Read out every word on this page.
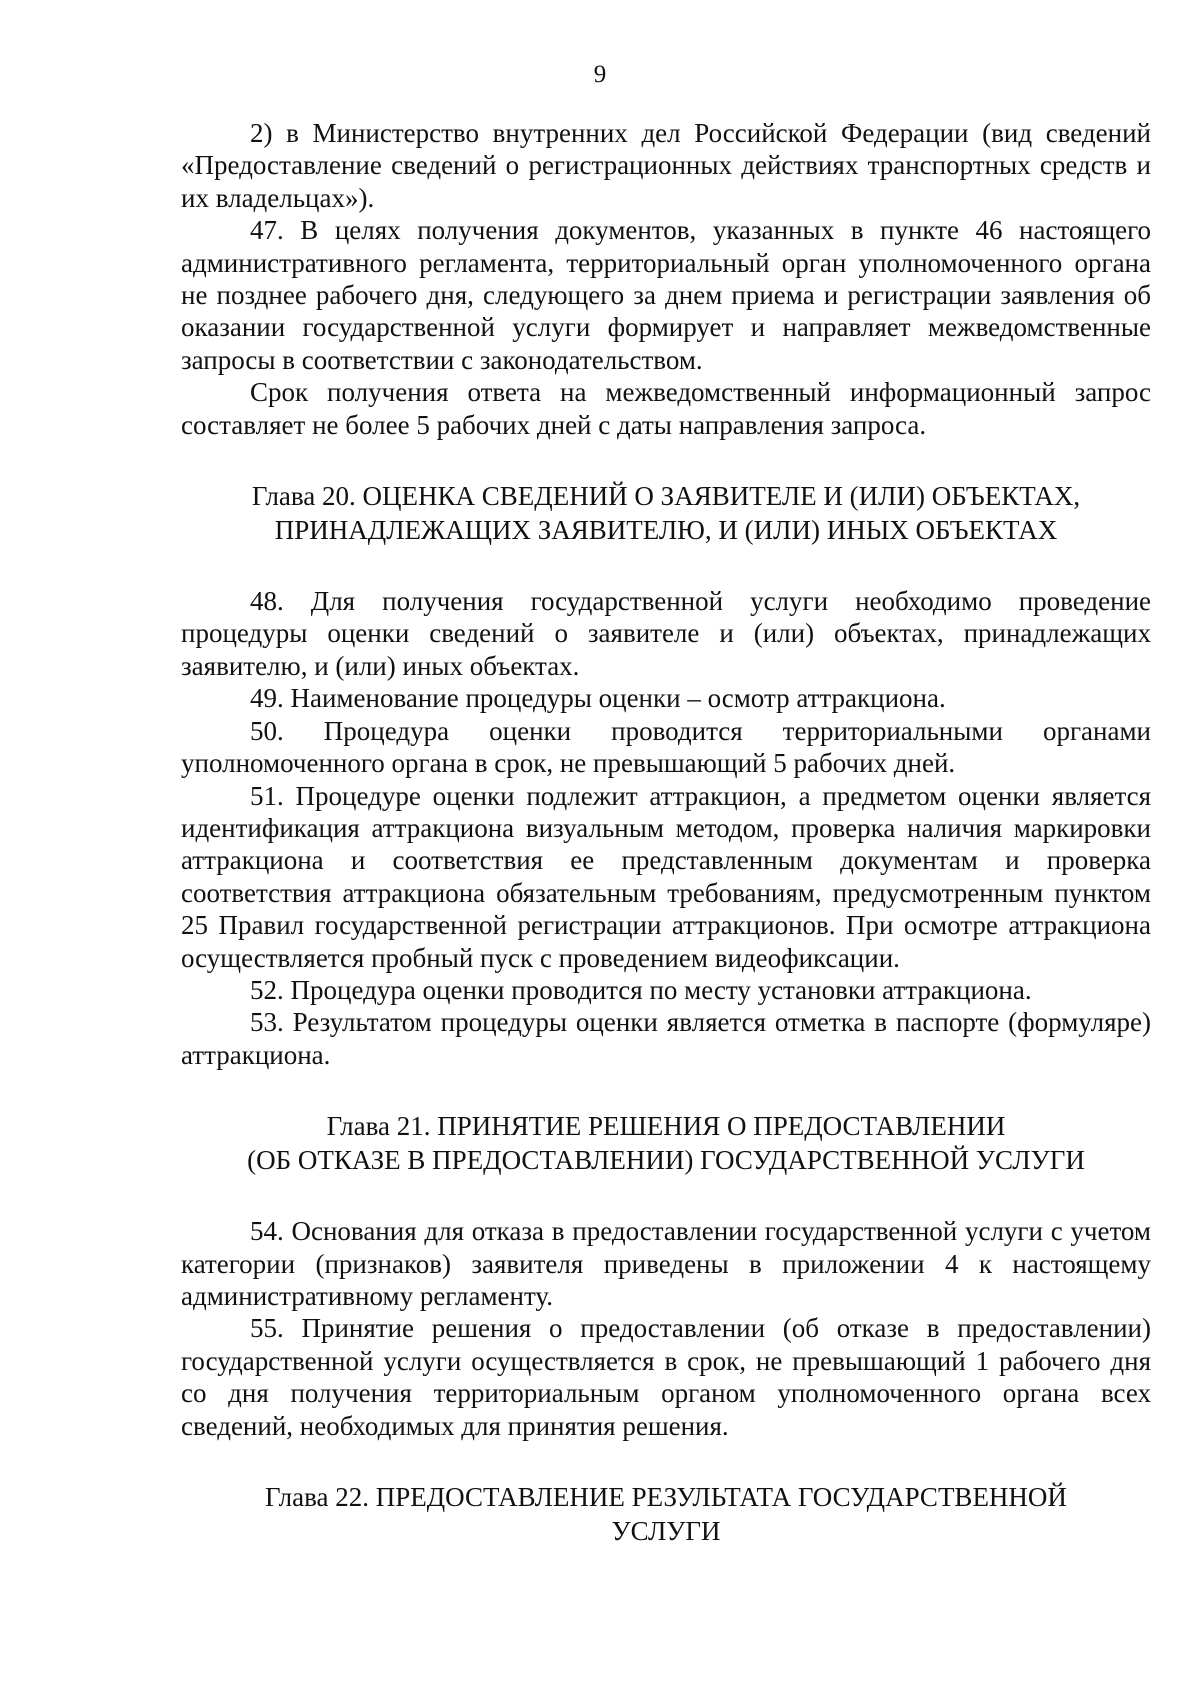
9

2) в Министерство внутренних дел Российской Федерации (вид сведений «Предоставление сведений о регистрационных действиях транспортных средств и их владельцах»).

47. В целях получения документов, указанных в пункте 46 настоящего административного регламента, территориальный орган уполномоченного органа не позднее рабочего дня, следующего за днем приема и регистрации заявления об оказании государственной услуги формирует и направляет межведомственные запросы в соответствии с законодательством.

Срок получения ответа на межведомственный информационный запрос составляет не более 5 рабочих дней с даты направления запроса.

Глава 20. ОЦЕНКА СВЕДЕНИЙ О ЗАЯВИТЕЛЕ И (ИЛИ) ОБЪЕКТАХ,
ПРИНАДЛЕЖАЩИХ ЗАЯВИТЕЛЮ, И (ИЛИ) ИНЫХ ОБЪЕКТАХ

48. Для получения государственной услуги необходимо проведение процедуры оценки сведений о заявителе и (или) объектах, принадлежащих заявителю, и (или) иных объектах.

49. Наименование процедуры оценки – осмотр аттракциона.

50. Процедура оценки проводится территориальными органами уполномоченного органа в срок, не превышающий 5 рабочих дней.

51. Процедуре оценки подлежит аттракцион, а предметом оценки является идентификация аттракциона визуальным методом, проверка наличия маркировки аттракциона и соответствия ее представленным документам и проверка соответствия аттракциона обязательным требованиям, предусмотренным пунктом 25 Правил государственной регистрации аттракционов. При осмотре аттракциона осуществляется пробный пуск с проведением видеофиксации.

52. Процедура оценки проводится по месту установки аттракциона.

53. Результатом процедуры оценки является отметка в паспорте (формуляре) аттракциона.

Глава 21. ПРИНЯТИЕ РЕШЕНИЯ О ПРЕДОСТАВЛЕНИИ
(ОБ ОТКАЗЕ В ПРЕДОСТАВЛЕНИИ) ГОСУДАРСТВЕННОЙ УСЛУГИ

54. Основания для отказа в предоставлении государственной услуги с учетом категории (признаков) заявителя приведены в приложении 4 к настоящему административному регламенту.

55. Принятие решения о предоставлении (об отказе в предоставлении) государственной услуги осуществляется в срок, не превышающий 1 рабочего дня со дня получения территориальным органом уполномоченного органа всех сведений, необходимых для принятия решения.

Глава 22. ПРЕДОСТАВЛЕНИЕ РЕЗУЛЬТАТА ГОСУДАРСТВЕННОЙ
УСЛУГИ
